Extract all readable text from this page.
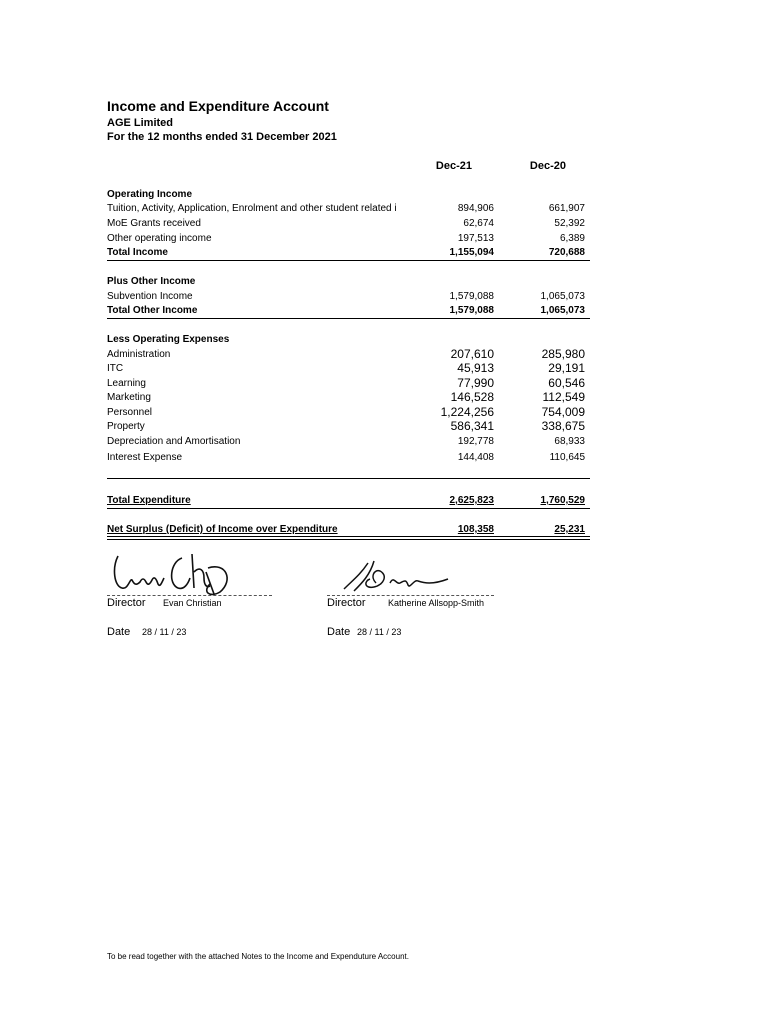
Income and Expenditure Account
AGE Limited
For the 12 months ended 31 December 2021
Dec-21	Dec-20
Operating Income
Tuition, Activity, Application, Enrolment and other student related i	894,906	661,907
MoE Grants received	62,674	52,392
Other operating income	197,513	6,389
Total Income	1,155,094	720,688
Plus Other Income
Subvention Income	1,579,088	1,065,073
Total Other Income	1,579,088	1,065,073
Less Operating Expenses
Administration	207,610	285,980
ITC	45,913	29,191
Learning	77,990	60,546
Marketing	146,528	112,549
Personnel	1,224,256	754,009
Property	586,341	338,675
Depreciation and Amortisation	192,778	68,933
Interest Expense	144,408	110,645
Total Expenditure	2,625,823	1,760,529
Net Surplus (Deficit) of Income over Expenditure	108,358	25,231
Director Evan Christian
Date 28 / 11 / 23
Director Katherine Allsopp-Smith
Date 28 / 11 / 23
To be read together with the attached Notes to the Income and Expenduture Account.
